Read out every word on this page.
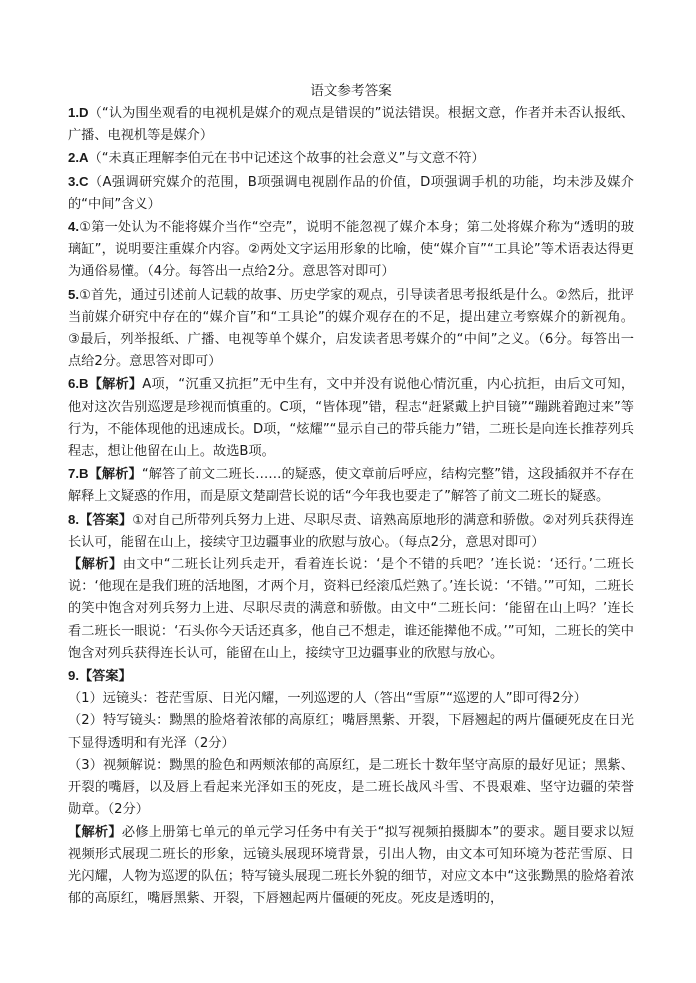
语文参考答案

1.D（“认为围坐观看的电视机是媒介的观点是错误的”说法错误。根据文意，作者并未否认报纸、广播、电视机等是媒介）

2.A（“未真正理解李伯元在书中记述这个故事的社会意义”与文意不符）

3.C（A强调研究媒介的范围，B项强调电视剧作品的价值，D项强调手机的功能，均未涉及媒介的“中间”含义）

4.①第一处认为不能将媒介当作“空壳”，说明不能忽视了媒介本身；第二处将媒介称为“透明的玻璃缸”，说明要注重媒介内容。②两处文字运用形象的比喻，使“媒介盲”“工具论”等术语表达得更为通俗易懂。（4分。每答出一点给2分。意思答对即可）

5.①首先，通过引述前人记载的故事、历史学家的观点，引导读者思考报纸是什么。②然后，批评当前媒介研究中存在的“媒介盲”和“工具论”的媒介观存在的不足，提出建立考察媒介的新视角。③最后，列举报纸、广播、电视等单个媒介，启发读者思考媒介的“中间”之义。（6分。每答出一点给2分。意思答对即可）

6.B【解析】A项，“沉重又抗拒”无中生有，文中并没有说他心情沉重，内心抗拒，由后文可知，他对这次告别巡逻是珍视而慎重的。C项，“皆体现”错，程志“赶紧戴上护目镜”“蹦跳着跑过来”等行为，不能体现他的迅速成长。D项，“炫耀”“显示自己的带兵能力”错，二班长是向连长推荐列兵程志，想让他留在山上。故选B项。

7.B【解析】“解答了前文二班长……的疑惑，使文章前后呼应，结构完整”错，这段插叙并不存在解释上文疑惑的作用，而是原文楚副营长说的话“今年我也要走了”解答了前文二班长的疑惑。

8.【答案】①对自己所带列兵努力上进、尽职尽责、谙熟高原地形的满意和骄傲。②对列兵获得连长认可，能留在山上，接续守卫边疆事业的欣慰与放心。（每点2分，意思对即可）

【解析】由文中“二班长让列兵走开，看着连长说：‘是个不错的兵吧？’连长说：‘还行。’二班长说：‘他现在是我们班的活地图，才两个月，资料已经滚瓜烂熟了。’连长说：‘不错。’”可知，二班长的笑中饱含对列兵努力上进、尽职尽责的满意和骄傲。由文中“二班长问：‘能留在山上吗？’连长看二班长一眼说：‘石头你今天话还真多，他自己不想走，谁还能撵他不成。’”可知，二班长的笑中饱含对列兵获得连长认可，能留在山上，接续守卫边疆事业的欣慰与放心。

9.【答案】

（1）远镜头：苍茫雪原、日光闪耀，一列巡逻的人（答出“雪原”“巡逻的人”即可得2分）

（2）特写镜头：黝黑的脸烙着浓郁的高原红；嘴唇黑紫、开裂，下唇翘起的两片僵硬死皮在日光下显得透明和有光泽（2分）

（3）视频解说：黝黑的脸色和两颊浓郁的高原红，是二班长十数年坚守高原的最好见证；黑紫、开裂的嘴唇，以及唇上看起来光泽如玉的死皮，是二班长战风斗雪、不畏艰难、坚守边疆的荣誉勋章。（2分）

【解析】必修上册第七单元的单元学习任务中有关于“拟写视频拍摄脚本”的要求。题目要求以短视频形式展现二班长的形象，远镜头展现环境背景，引出人物，由文本可知环境为苍茫雪原、日光闪耀，人物为巡逻的队伍；特写镜头展现二班长外貌的细节，对应文本中“这张黝黑的脸烙着浓郁的高原红，嘴唇黑紫、开裂，下唇翘起两片僵硬的死皮。死皮是透明的，
